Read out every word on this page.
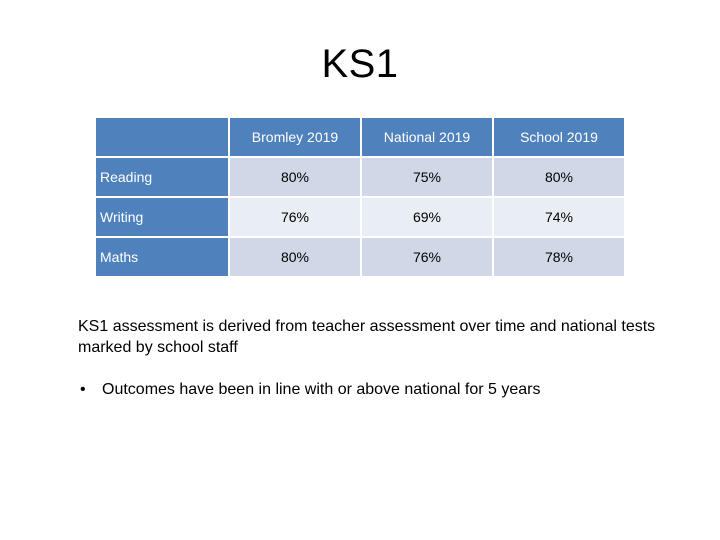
KS1
	Bromley 2019	National 2019	School 2019
Reading	80%	75%	80%
Writing	76%	69%	74%
Maths	80%	76%	78%
KS1 assessment is derived from teacher assessment over time and national tests marked by school staff
•	Outcomes have been in line with or above national for 5 years
